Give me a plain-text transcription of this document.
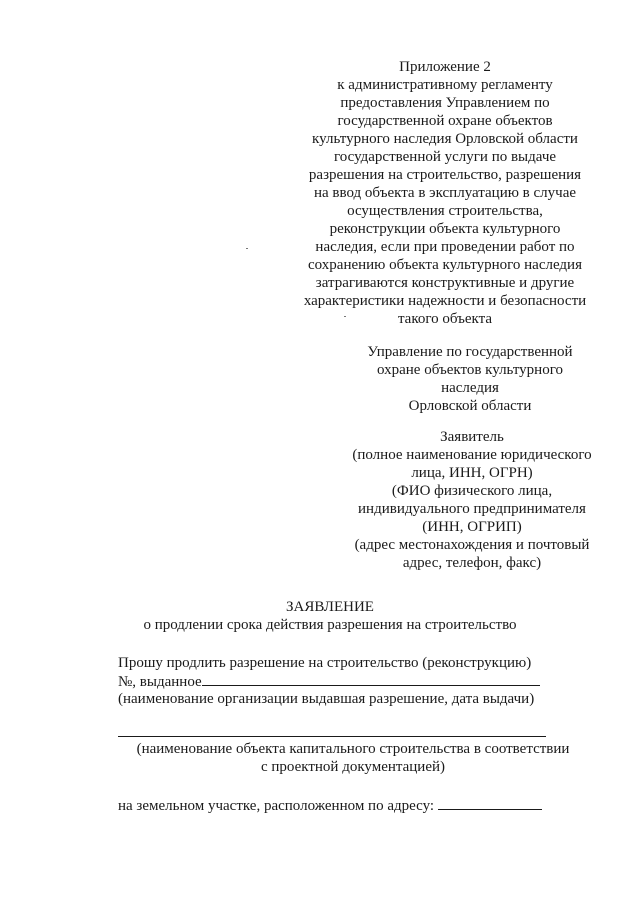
Приложение 2
к административному регламенту
предоставления Управлением по
государственной охране объектов
культурного наследия Орловской области
государственной услуги по выдаче
разрешения на строительство, разрешения
на ввод объекта в эксплуатацию в случае
осуществления строительства,
реконструкции объекта культурного
наследия, если при проведении работ по
сохранению объекта культурного наследия
затрагиваются конструктивные и другие
характеристики надежности и безопасности
такого объекта
Управление по государственной
охране объектов культурного
наследия
Орловской области
Заявитель
(полное наименование юридического
лица, ИНН, ОГРН)
(ФИО физического лица,
индивидуального предпринимателя
(ИНН, ОГРИП)
(адрес местонахождения и почтовый
адрес, телефон, факс)
ЗАЯВЛЕНИЕ
о продлении срока действия разрешения на строительство
Прошу продлить разрешение на строительство (реконструкцию)
№, выданное
(наименование организации выдавшая разрешение, дата выдачи)
(наименование объекта капитального строительства в соответствии
с проектной документацией)
на земельном участке, расположенном по адресу:
